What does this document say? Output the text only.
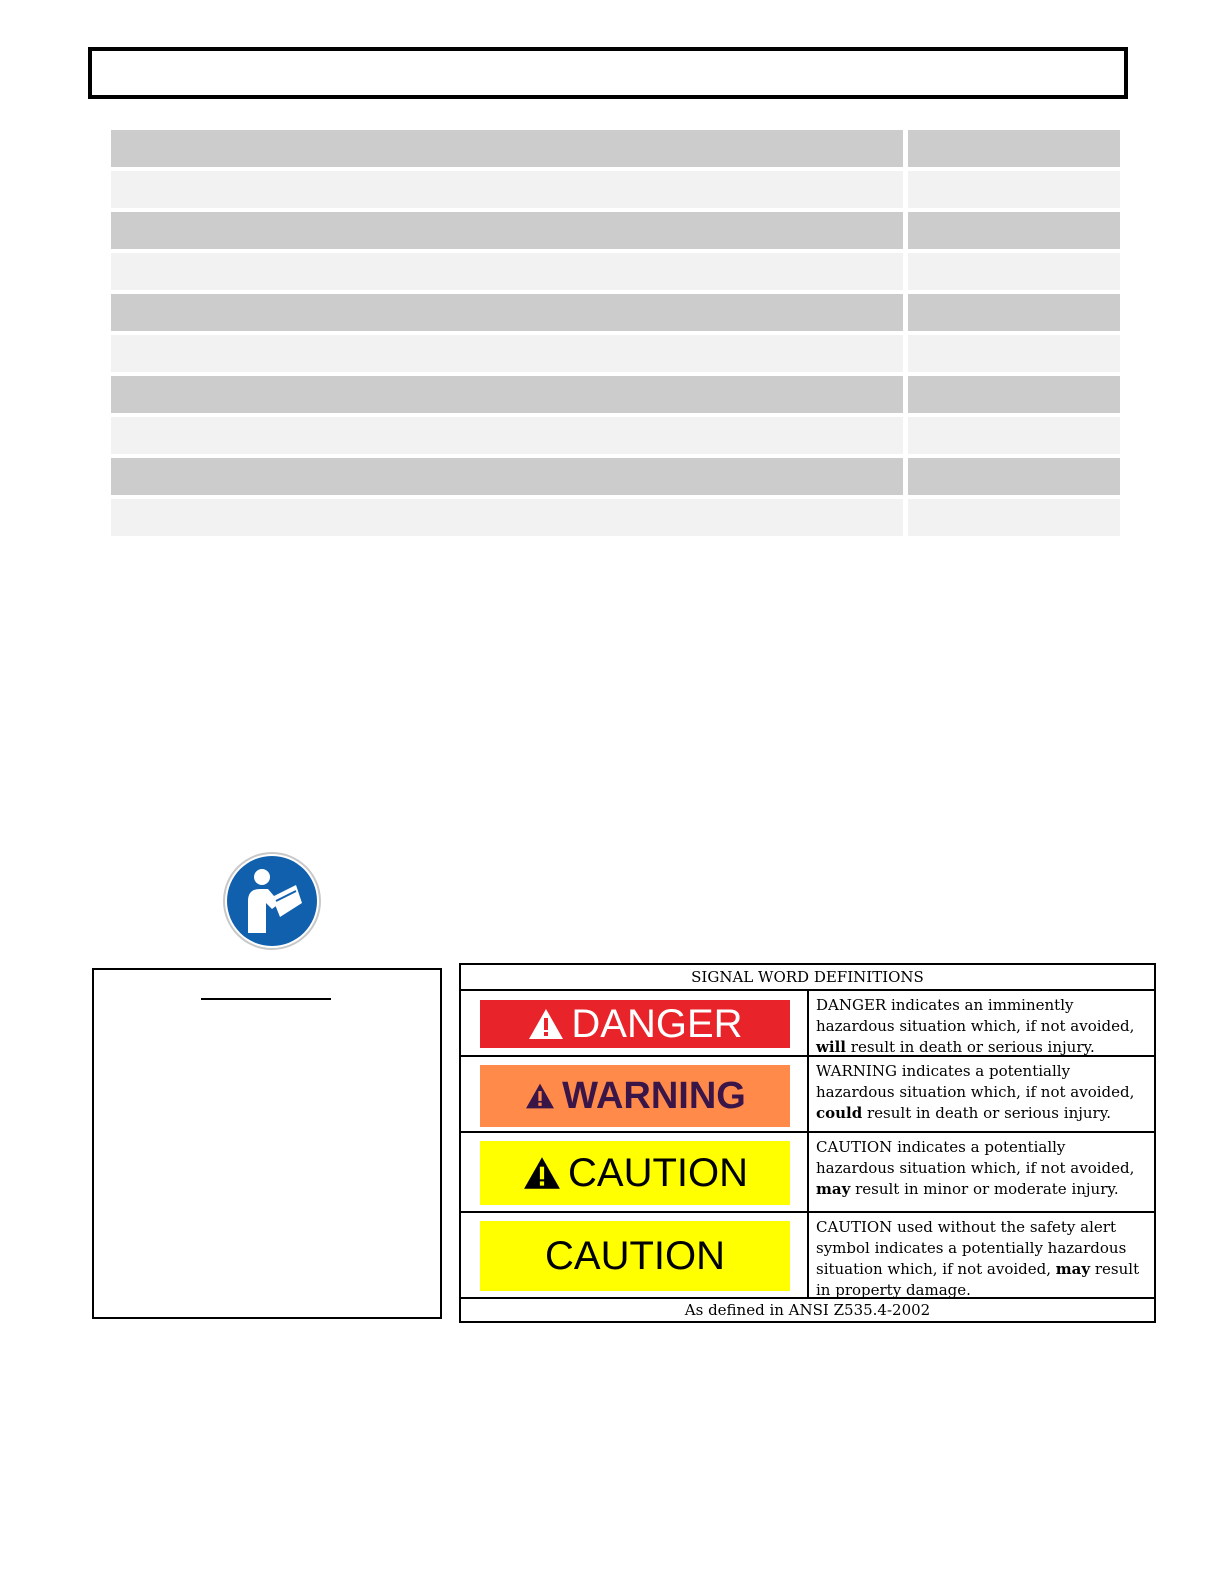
SIGNAL WORD DEFINITIONS
DANGER	DANGER indicates an imminently hazardous situation which, if not avoided, will result in death or serious injury.
WARNING
WARNING indicates a potentially hazardous situation which, if not avoided, could result in death or serious injury.
CAUTION
CAUTION indicates a potentially hazardous situation which, if not avoided, may result in minor or moderate injury.
CAUTION
CAUTION used without the safety alert symbol indicates a potentially hazardous situation which, if not avoided, may result in property damage.
As defined in ANSI Z535.4-2002
